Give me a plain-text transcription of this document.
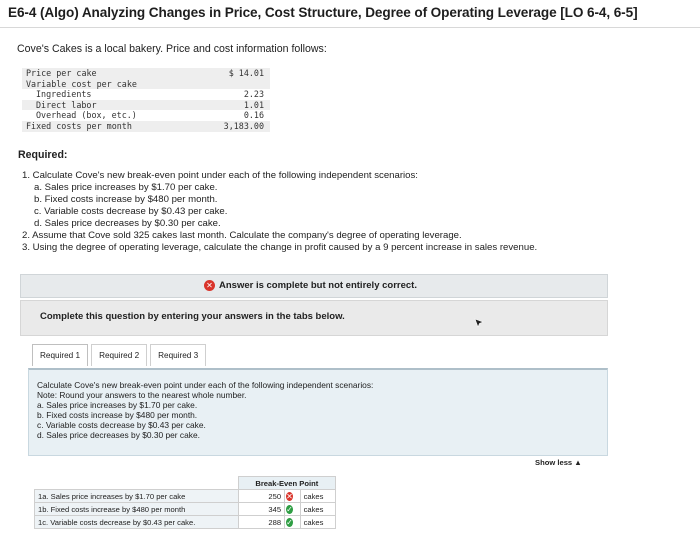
E6-4 (Algo) Analyzing Changes in Price, Cost Structure, Degree of Operating Leverage [LO 6-4, 6-5]
Cove's Cakes is a local bakery. Price and cost information follows:
Price per cake	$ 14.01
Variable cost per cake
Ingredients	2.23
Direct labor	1.01
Overhead (box, etc.)	0.16
Fixed costs per month	3,183.00
Required:
1. Calculate Cove's new break-even point under each of the following independent scenarios:
a. Sales price increases by $1.70 per cake.
b. Fixed costs increase by $480 per month.
c. Variable costs decrease by $0.43 per cake.
d. Sales price decreases by $0.30 per cake.
2. Assume that Cove sold 325 cakes last month. Calculate the company's degree of operating leverage.
3. Using the degree of operating leverage, calculate the change in profit caused by a 9 percent increase in sales revenue.
✕ Answer is complete but not entirely correct.
Complete this question by entering your answers in the tabs below.
Required 1	Required 2	Required 3
Calculate Cove's new break-even point under each of the following independent scenarios:
Note: Round your answers to the nearest whole number.
a. Sales price increases by $1.70 per cake.
b. Fixed costs increase by $480 per month.
c. Variable costs decrease by $0.43 per cake.
d. Sales price decreases by $0.30 per cake.
Show less ▲
	Break-Even Point		
1a. Sales price increases by $1.70 per cake	250	✕	cakes
1b. Fixed costs increase by $480 per month	345	✓	cakes
1c. Variable costs decrease by $0.43 per cake.	288	✓	cakes
